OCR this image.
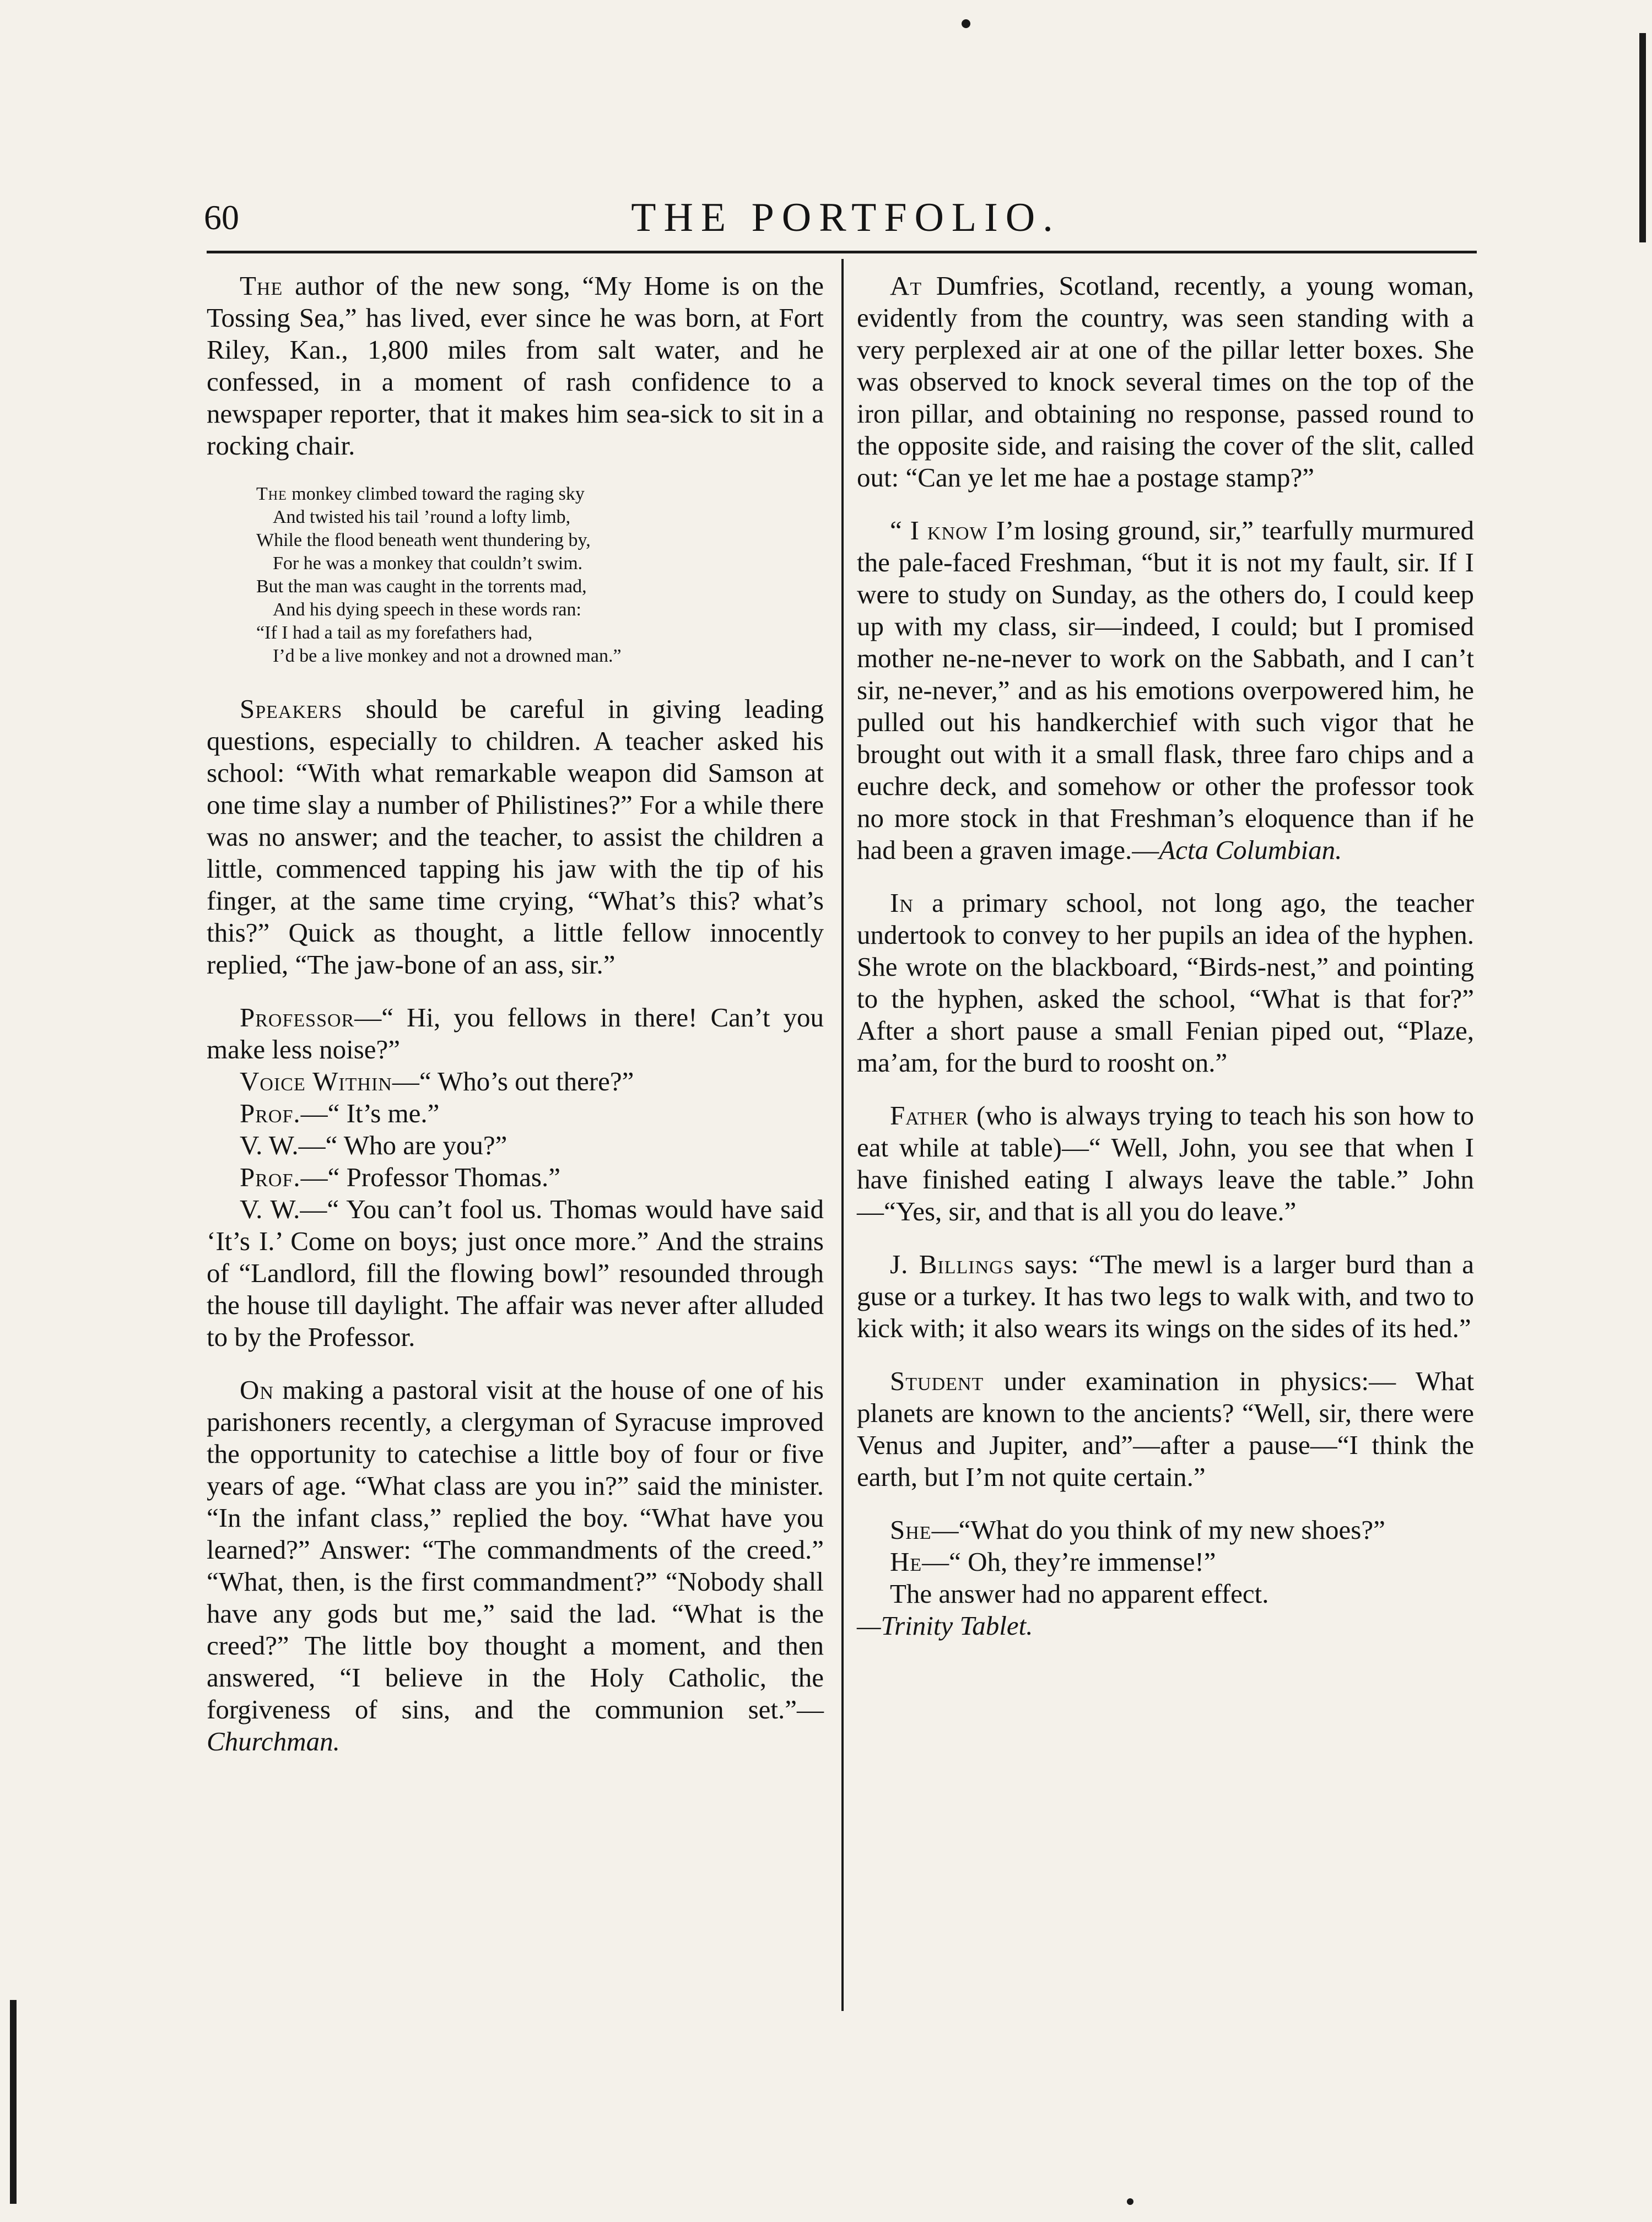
60	THE PORTFOLIO.

The author of the new song, “My Home is on the Tossing Sea,” has lived, ever since he was born, at Fort Riley, Kan., 1,800 miles from salt water, and he confessed, in a moment of rash confidence to a newspaper reporter, that it makes him sea-sick to sit in a rocking chair.

The monkey climbed toward the raging sky
And twisted his tail ’round a lofty limb,
While the flood beneath went thundering by,
For he was a monkey that couldn’t swim.
But the man was caught in the torrents mad,
And his dying speech in these words ran:
“If I had a tail as my forefathers had,
I’d be a live monkey and not a drowned man.”

Speakers should be careful in giving leading questions, especially to children. A teacher asked his school: “With what remarkable weapon did Samson at one time slay a number of Philistines?” For a while there was no answer; and the teacher, to assist the children a little, commenced tapping his jaw with the tip of his finger, at the same time crying, “What’s this? what’s this?” Quick as thought, a little fellow innocently replied, “The jaw-bone of an ass, sir.”

Professor—“ Hi, you fellows in there! Can’t you make less noise?”
Voice Within—“ Who’s out there?”
Prof.—“ It’s me.”
V. W.—“ Who are you?”
Prof.—“ Professor Thomas.”
V. W.—“ You can’t fool us. Thomas would have said ‘It’s I.’ Come on boys; just once more.” And the strains of “Landlord, fill the flowing bowl” resounded through the house till daylight. The affair was never after alluded to by the Professor.

On making a pastoral visit at the house of one of his parishoners recently, a clergyman of Syracuse improved the opportunity to catechise a little boy of four or five years of age. “What class are you in?” said the minister. “In the infant class,” replied the boy. “What have you learned?” Answer: “The commandments of the creed.” “What, then, is the first commandment?” “Nobody shall have any gods but me,” said the lad. “What is the creed?” The little boy thought a moment, and then answered, “I believe in the Holy Catholic, the forgiveness of sins, and the communion set.”—Churchman.

At Dumfries, Scotland, recently, a young woman, evidently from the country, was seen standing with a very perplexed air at one of the pillar letter boxes. She was observed to knock several times on the top of the iron pillar, and obtaining no response, passed round to the opposite side, and raising the cover of the slit, called out: “Can ye let me hae a postage stamp?”

“ I know I’m losing ground, sir,” tearfully murmured the pale-faced Freshman, “but it is not my fault, sir. If I were to study on Sunday, as the others do, I could keep up with my class, sir—indeed, I could; but I promised mother ne-ne-never to work on the Sabbath, and I can’t sir, ne-never,” and as his emotions overpowered him, he pulled out his handkerchief with such vigor that he brought out with it a small flask, three faro chips and a euchre deck, and somehow or other the professor took no more stock in that Freshman’s eloquence than if he had been a graven image.—Acta Columbian.

In a primary school, not long ago, the teacher undertook to convey to her pupils an idea of the hyphen. She wrote on the blackboard, “Birds-nest,” and pointing to the hyphen, asked the school, “What is that for?” After a short pause a small Fenian piped out, “Plaze, ma’am, for the burd to roosht on.”

Father (who is always trying to teach his son how to eat while at table)—“ Well, John, you see that when I have finished eating I always leave the table.” John—“Yes, sir, and that is all you do leave.”

J. Billings says: “The mewl is a larger burd than a guse or a turkey. It has two legs to walk with, and two to kick with; it also wears its wings on the sides of its hed.”

Student under examination in physics:— What planets are known to the ancients? “Well, sir, there were Venus and Jupiter, and”—after a pause—“I think the earth, but I’m not quite certain.”

She—“What do you think of my new shoes?”
He—“ Oh, they’re immense!”
The answer had no apparent effect.
—Trinity Tablet.
